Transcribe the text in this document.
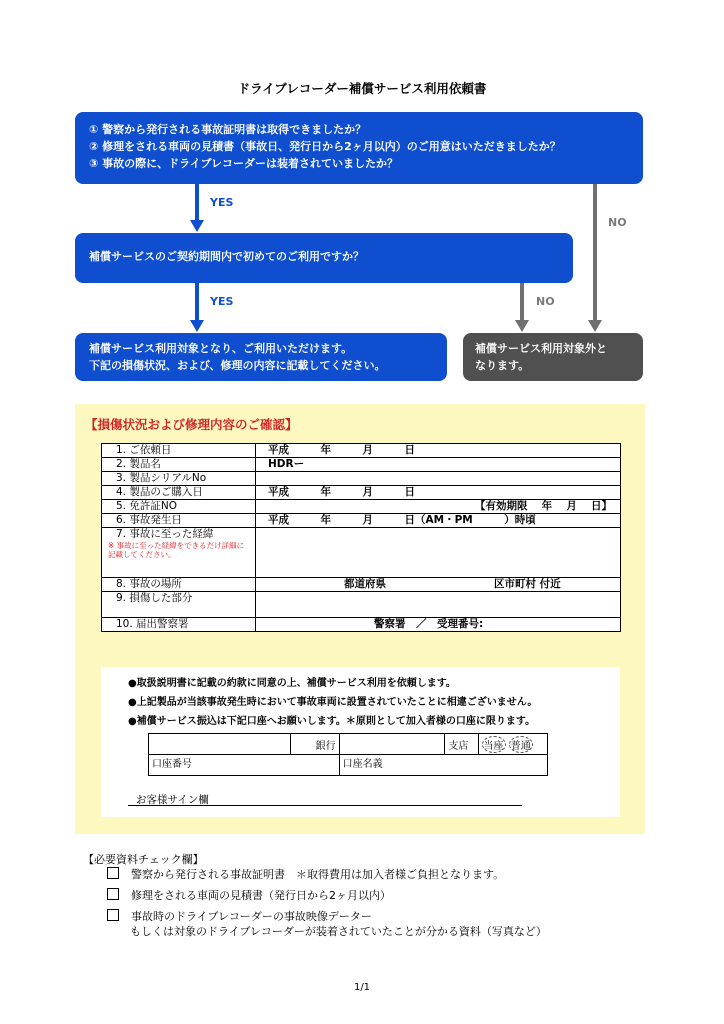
ドライブレコーダー補償サービス利用依頼書
① 警察から発行される事故証明書は取得できましたか？
② 修理をされる車両の見積書（事故日、発行日から2ヶ月以内）のご用意はいただきましたか？
③ 事故の際に、ドライブレコーダーは装着されていましたか？
YES
NO
補償サービスのご契約期間内で初めてのご利用ですか？
YES	NO
補償サービス利用対象となり、ご利用いただけます。
下記の損傷状況、および、修理の内容に記載してください。
補償サービス利用対象外と
なります。
【損傷状況および修理内容のご確認】
1. ご依頼日	平成　　　年　　　月　　　日
2. 製品名	HDRー
3. 製品シリアルNo	
4. 製品のご購入日	平成　　　年　　　月　　　日
5. 免許証NO	【有効期限　 年　 月　 日】
6. 事故発生日	平成　　　年　　　月　　　日（AM・PM　　　）時頃

7. 事故に至った経緯
※ 事故に至った経緯をできるだけ詳細に記載してください。	

8. 事故の場所	都道府県 区市町村 付近
9. 損傷した部分	
10. 届出警察署	警察署　／　受理番号:
●取扱説明書に記載の約款に同意の上、補償サービス利用を依頼します。
●上記製品が当該事故発生時において事故車両に設置されていたことに相違ございません。
●補償サービス振込は下記口座へお願いします。＊原則として加入者様の口座に限ります。
	銀行		支店	当座 普通
口座番号		口座名義		
お客様サイン欄
【必要資料チェック欄】
警察から発行される事故証明書　＊取得費用は加入者様ご負担となります。
修理をされる車両の見積書（発行日から2ヶ月以内）
事故時のドライブレコーダーの事故映像データー
もしくは対象のドライブレコーダーが装着されていたことが分かる資料（写真など）
1/1
